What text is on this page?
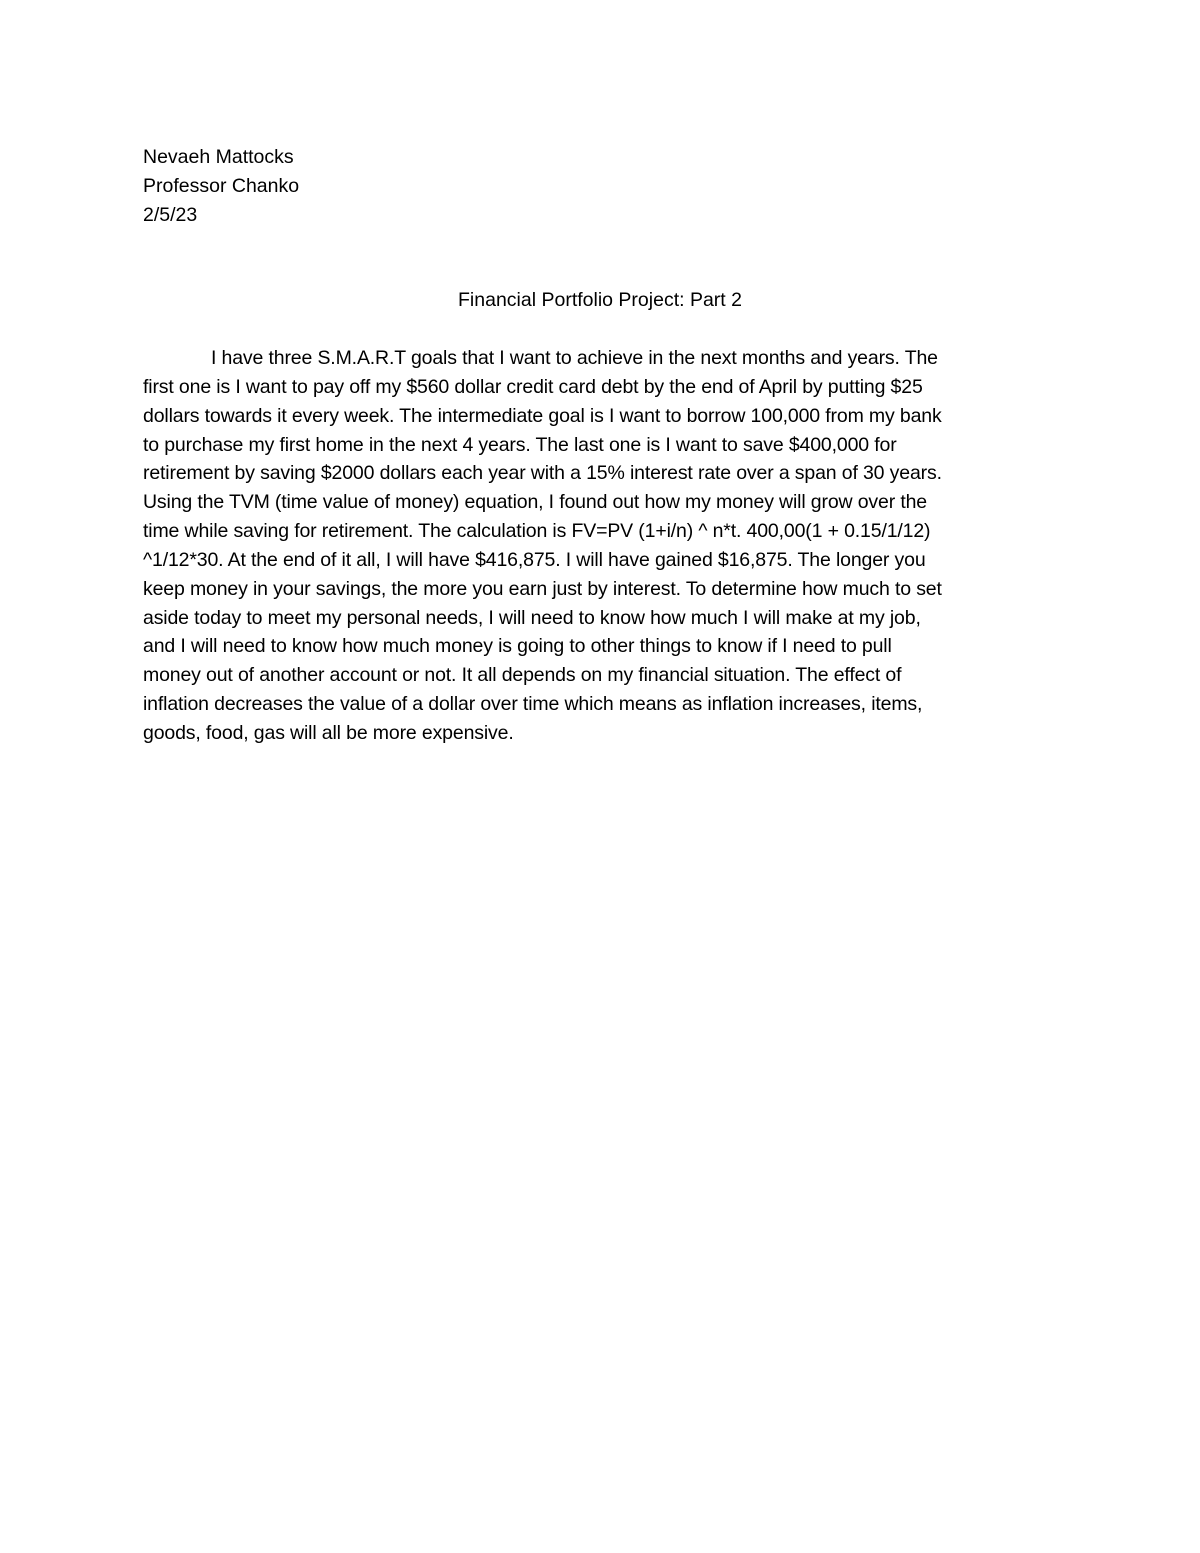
Nevaeh Mattocks
Professor Chanko
2/5/23
Financial Portfolio Project: Part 2
I have three S.M.A.R.T goals that I want to achieve in the next months and years. The
first one is I want to pay off my $560 dollar credit card debt by the end of April by putting $25
dollars towards it every week. The intermediate goal is I want to borrow 100,000 from my bank
to purchase my first home in the next 4 years. The last one is I want to save $400,000 for
retirement by saving $2000 dollars each year with a 15% interest rate over a span of 30 years.
Using the TVM (time value of money) equation, I found out how my money will grow over the
time while saving for retirement. The calculation is FV=PV (1+i/n) ^ n*t. 400,00(1 + 0.15/1/12)
^1/12*30. At the end of it all, I will have $416,875. I will have gained $16,875. The longer you
keep money in your savings, the more you earn just by interest. To determine how much to set
aside today to meet my personal needs, I will need to know how much I will make at my job,
and I will need to know how much money is going to other things to know if I need to pull
money out of another account or not. It all depends on my financial situation. The effect of
inflation decreases the value of a dollar over time which means as inflation increases, items,
goods, food, gas will all be more expensive.
